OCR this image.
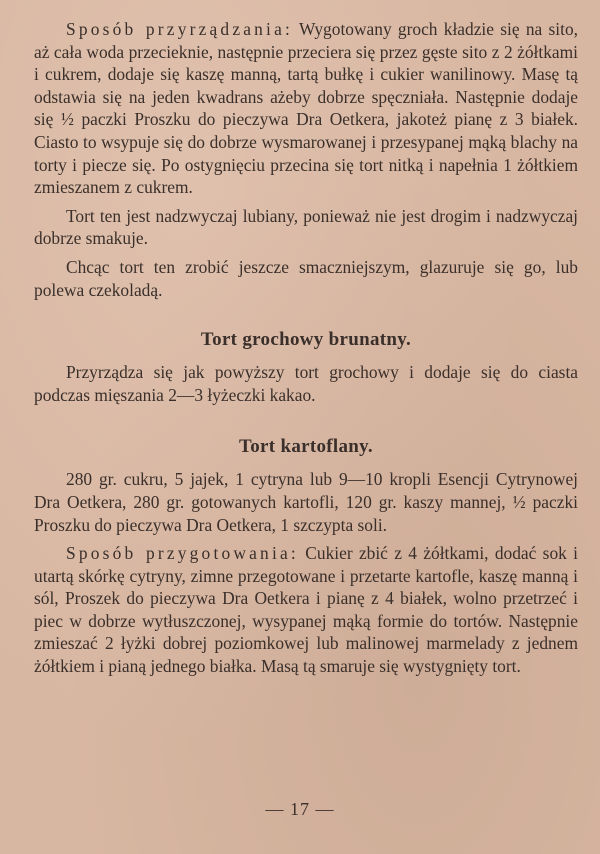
Sposób przyrządzania: Wygotowany groch kładzie się na sito, aż cała woda przecieknie, następnie przeciera się przez gęste sito z 2 żółtkami i cukrem, dodaje się kaszę manną, tartą bułkę i cukier wanilinowy. Masę tą odstawia się na jeden kwadrans ażeby dobrze spęczniała. Następnie dodaje się ½ paczki Proszku do pieczywa Dra Oetkera, jakoteż pianę z 3 białek. Ciasto to wsypuje się do dobrze wysmarowanej i przesypanej mąką blachy na torty i piecze się. Po ostygnięciu przecina się tort nitką i napełnia 1 żółtkiem zmieszanem z cukrem.

Tort ten jest nadzwyczaj lubiany, ponieważ nie jest drogim i nadzwyczaj dobrze smakuje.

Chcąc tort ten zrobić jeszcze smaczniejszym, glazuruje się go, lub polewa czekoladą.

Tort grochowy brunatny.

Przyrządza się jak powyższy tort grochowy i dodaje się do ciasta podczas mięszania 2—3 łyżeczki kakao.

Tort kartoflany.

280 gr. cukru, 5 jajek, 1 cytryna lub 9—10 kropli Esencji Cytrynowej Dra Oetkera, 280 gr. gotowanych kartofli, 120 gr. kaszy mannej, ½ paczki Proszku do pieczywa Dra Oetkera, 1 szczypta soli.

Sposób przygotowania: Cukier zbić z 4 żółtkami, dodać sok i utartą skórkę cytryny, zimne przegotowane i przetarte kartofle, kaszę manną i sól, Proszek do pieczywa Dra Oetkera i pianę z 4 białek, wolno przetrzeć i piec w dobrze wytłuszczonej, wysypanej mąką formie do tortów. Następnie zmieszać 2 łyżki dobrej poziomkowej lub malinowej marmelady z jednem żółtkiem i pianą jednego białka. Masą tą smaruje się wystygnięty tort.

— 17 —
